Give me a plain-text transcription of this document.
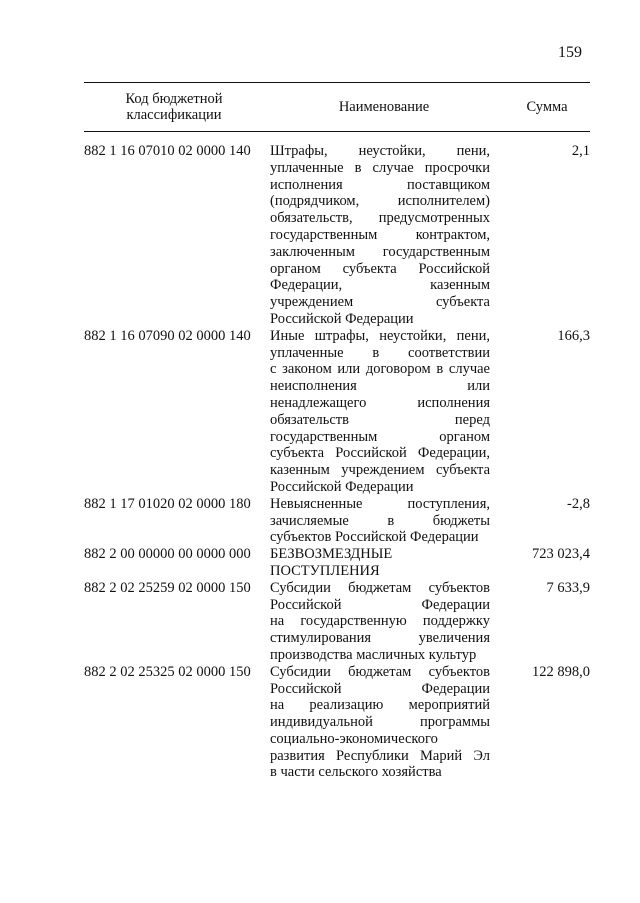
159
Код бюджетной
классификации	Наименование	Сумма
882 1 16 07010 02 0000 140	Штрафы, неустойки, пени,
уплаченные в случае просрочки
исполнения поставщиком
(подрядчиком, исполнителем)
обязательств, предусмотренных
государственным контрактом,
заключенным государственным
органом субъекта Российской
Федерации, казенным
учреждением субъекта
Российской Федерации
2,1
882 1 16 07090 02 0000 140	Иные штрафы, неустойки, пени,
уплаченные в соответствии
с законом или договором в случае
неисполнения или
ненадлежащего исполнения
обязательств перед
государственным органом
субъекта Российской Федерации,
казенным учреждением субъекта
Российской Федерации
166,3
882 1 17 01020 02 0000 180	Невыясненные поступления,
зачисляемые в бюджеты
субъектов Российской Федерации
-2,8
882 2 00 00000 00 0000 000	БЕЗВОЗМЕЗДНЫЕ
ПОСТУПЛЕНИЯ
723 023,4
882 2 02 25259 02 0000 150	Субсидии бюджетам субъектов
Российской Федерации
на государственную поддержку
стимулирования увеличения
производства масличных культур
7 633,9
882 2 02 25325 02 0000 150	Субсидии бюджетам субъектов
Российской Федерации
на реализацию мероприятий
индивидуальной программы
социально-экономического
развития Республики Марий Эл
в части сельского хозяйства
122 898,0
